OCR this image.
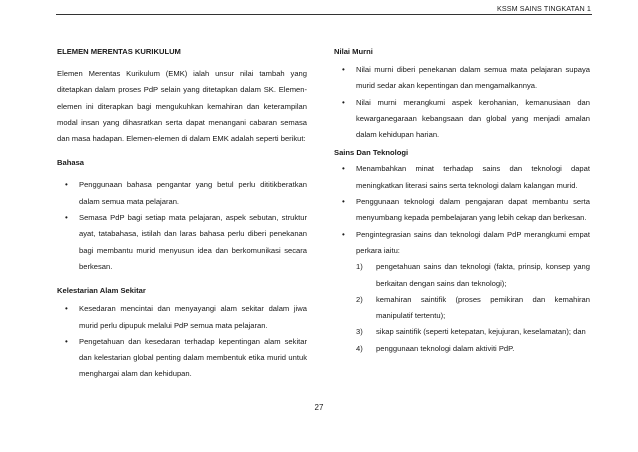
KSSM SAINS TINGKATAN 1
ELEMEN MERENTAS KURIKULUM
Elemen Merentas Kurikulum (EMK) ialah unsur nilai tambah yang ditetapkan dalam proses PdP selain yang ditetapkan dalam SK. Elemen-elemen ini diterapkan bagi mengukuhkan kemahiran dan keterampilan modal insan yang dihasratkan serta dapat menangani cabaran semasa dan masa hadapan. Elemen-elemen di dalam EMK adalah seperti berikut:
Bahasa
•	Penggunaan bahasa pengantar yang betul perlu dititikberatkan dalam semua mata pelajaran.
•	Semasa PdP bagi setiap mata pelajaran, aspek sebutan, struktur ayat, tatabahasa, istilah dan laras bahasa perlu diberi penekanan bagi membantu murid menyusun idea dan berkomunikasi secara berkesan.
Kelestarian Alam Sekitar
•	Kesedaran mencintai dan menyayangi alam sekitar dalam jiwa murid perlu dipupuk melalui PdP semua mata pelajaran.
•	Pengetahuan dan kesedaran terhadap kepentingan alam sekitar dan kelestarian global penting dalam membentuk etika murid untuk menghargai alam dan kehidupan.
Nilai Murni
•	Nilai murni diberi penekanan dalam semua mata pelajaran supaya murid sedar akan kepentingan dan mengamalkannya.
•	Nilai murni merangkumi aspek kerohanian, kemanusiaan dan kewarganegaraan kebangsaan dan global yang menjadi amalan dalam kehidupan harian.
Sains Dan Teknologi
•	Menambahkan minat terhadap sains dan teknologi dapat meningkatkan literasi sains serta teknologi dalam kalangan murid.
•	Penggunaan teknologi dalam pengajaran dapat membantu serta menyumbang kepada pembelajaran yang lebih cekap dan berkesan.
•	Pengintegrasian sains dan teknologi dalam PdP merangkumi empat perkara iaitu:
1)	pengetahuan sains dan teknologi (fakta, prinsip, konsep yang berkaitan dengan sains dan teknologi);
2)	kemahiran saintifik (proses pemikiran dan kemahiran manipulatif tertentu);
3)	sikap saintifik (seperti ketepatan, kejujuran, keselamatan); dan
4)	penggunaan teknologi dalam aktiviti PdP.
27
